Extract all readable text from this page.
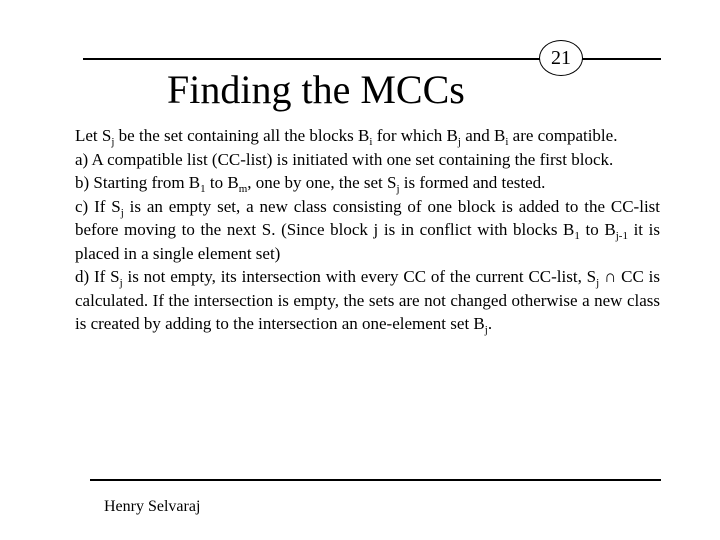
21
Finding the MCCs

Let $S_j$ be the set containing all the blocks $B_i$ for which $B_j$ and $B_i$ are compatible.

a) A compatible list (CC‑list) is initiated with one set containing the first block.

b) Starting from $B_1$ to $B_m$, one by one, the set $S_j$ is formed and tested.

c) If $S_j$ is an empty set, a new class consisting of one block is added to the CC‑list before moving to the next S. (Since block j is in conflict with blocks $B_1$ to $B_{j-1}$ it is placed in a single element set)

d) If $S_j$ is not empty, its intersection with every CC of the current CC‑list, $S_j$ ∩ CC is calculated. If the intersection is empty, the sets are not changed otherwise a new class is created by adding to the intersection an one-element set $B_j$.

Henry Selvaraj
